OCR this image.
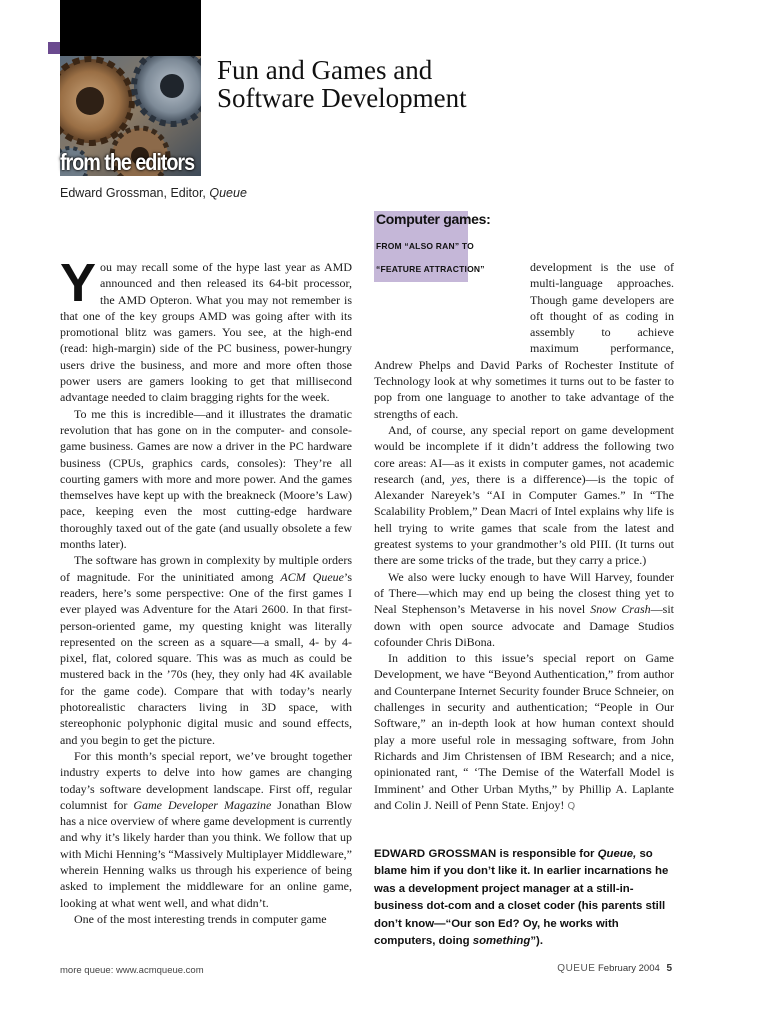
from the editors
Fun and Games and
Software Development
Edward Grossman, Editor, Queue

You may recall some of the hype last year as AMD announced and then released its 64-bit processor, the AMD Opteron. What you may not remember is that one of the key groups AMD was going after with its promotional blitz was gamers. You see, at the high-end (read: high-margin) side of the PC business, power-hungry users drive the business, and more and more often those power users are gamers looking to get that millisecond advantage needed to claim bragging rights for the week.

To me this is incredible—and it illustrates the dramatic revolution that has gone on in the computer- and console-game business. Games are now a driver in the PC hardware business (CPUs, graphics cards, consoles): They’re all courting gamers with more and more power. And the games themselves have kept up with the breakneck (Moore’s Law) pace, keeping even the most cutting-edge hardware thoroughly taxed out of the gate (and usually obsolete a few months later).

The software has grown in complexity by multiple orders of magnitude. For the uninitiated among ACM Queue’s readers, here’s some perspective: One of the first games I ever played was Adventure for the Atari 2600. In that first-person-oriented game, my questing knight was literally represented on the screen as a square—a small, 4- by 4-pixel, flat, colored square. This was as much as could be mustered back in the ’70s (hey, they only had 4K available for the game code). Compare that with today’s nearly photorealistic characters living in 3D space, with stereophonic polyphonic digital music and sound effects, and you begin to get the picture.

For this month’s special report, we’ve brought together industry experts to delve into how games are changing today’s software development landscape. First off, regular columnist for Game Developer Magazine Jonathan Blow has a nice overview of where game development is currently and why it’s likely harder than you think. We follow that up with Michi Henning’s “Massively Multiplayer Middleware,” wherein Henning walks us through his experience of being asked to implement the middleware for an online game, looking at what went well, and what didn’t.

One of the most interesting trends in computer game

Computer games:
FROM “ALSO RAN” TO
“FEATURE ATTRACTION”	development is the use of multi-language approaches. Though game developers are oft thought of as coding in assembly to achieve maximum performance, Andrew Phelps and David Parks of Rochester Institute of Technology look at why sometimes it turns out to be faster to pop from one language to another to take advantage of the strengths of each.

And, of course, any special report on game development would be incomplete if it didn’t address the following two core areas: AI—as it exists in computer games, not academic research (and, yes, there is a difference)—is the topic of Alexander Nareyek’s “AI in Computer Games.” In “The Scalability Problem,” Dean Macri of Intel explains why life is hell trying to write games that scale from the latest and greatest systems to your grandmother’s old PIII. (It turns out there are some tricks of the trade, but they carry a price.)

We also were lucky enough to have Will Harvey, founder of There—which may end up being the closest thing yet to Neal Stephenson’s Metaverse in his novel Snow Crash—sit down with open source advocate and Damage Studios cofounder Chris DiBona.

In addition to this issue’s special report on Game Development, we have “Beyond Authentication,” from author and Counterpane Internet Security founder Bruce Schneier, on challenges in security and authentication; “People in Our Software,” an in-depth look at how human context should play a more useful role in messaging software, from John Richards and Jim Christensen of IBM Research; and a nice, opinionated rant, “ ‘The Demise of the Waterfall Model is Imminent’ and Other Urban Myths,” by Phillip A. Laplante and Colin J. Neill of Penn State. Enjoy! Q

EDWARD GROSSMAN is responsible for Queue, so blame him if you don’t like it. In earlier incarnations he was a development project manager at a still-in-business dot-com and a closet coder (his parents still don’t know—“Our son Ed? Oy, he works with computers, doing something”).

more queue: www.acmqueue.com	QUEUE February 2004 5
